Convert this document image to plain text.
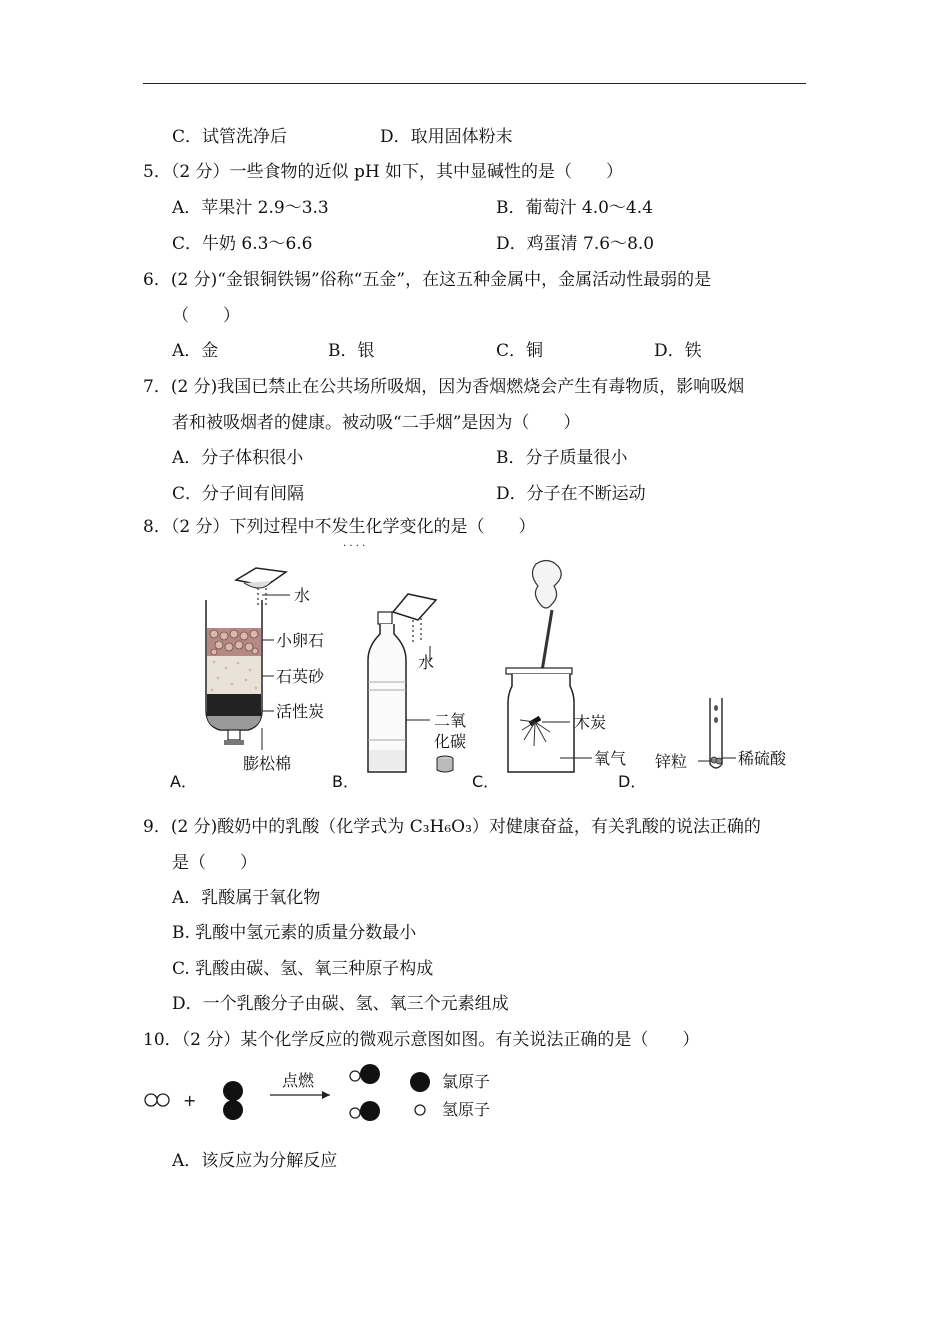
C．试管洗净后	D．取用固体粉末
5．（2 分）一些食物的近似 pH 如下，其中显碱性的是（　　）
A．苹果汁 2.9～3.3	B．葡萄汁 4.0～4.4
C．牛奶 6.3～6.6	D．鸡蛋清 7.6～8.0
6．(2 分)“金银铜铁锡”俗称“五金”，在这五种金属中，金属活动性最弱的是
（　　）
A．金	B．银	C．铜	D．铁
7．(2 分)我国已禁止在公共场所吸烟，因为香烟燃烧会产生有毒物质，影响吸烟
者和被吸烟者的健康。被动吸“二手烟”是因为（　　）
A．分子体积很小	B．分子质量很小
C．分子间有间隔	D．分子在不断运动
8．（2 分）下列过程中不发生化学变化的是（　　）
· · · ·
水
小卵石
石英砂
活性炭
膨松棉
A．
水
二氧
化碳
B．
木炭
氧气
C．
锌粒	稀硫酸
D．
9．(2 分)酸奶中的乳酸（化学式为 C₃H₆O₃）对健康奋益，有关乳酸的说法正确的
是（　　）
A．乳酸属于氧化物
B. 乳酸中氢元素的质量分数最小
C. 乳酸由碳、氢、氧三种原子构成
D．一个乳酸分子由碳、氢、氧三个元素组成
10．（2 分）某个化学反应的微观示意图如图。有关说法正确的是（　　）
+
点燃	氯原子
氢原子
A．该反应为分解反应
